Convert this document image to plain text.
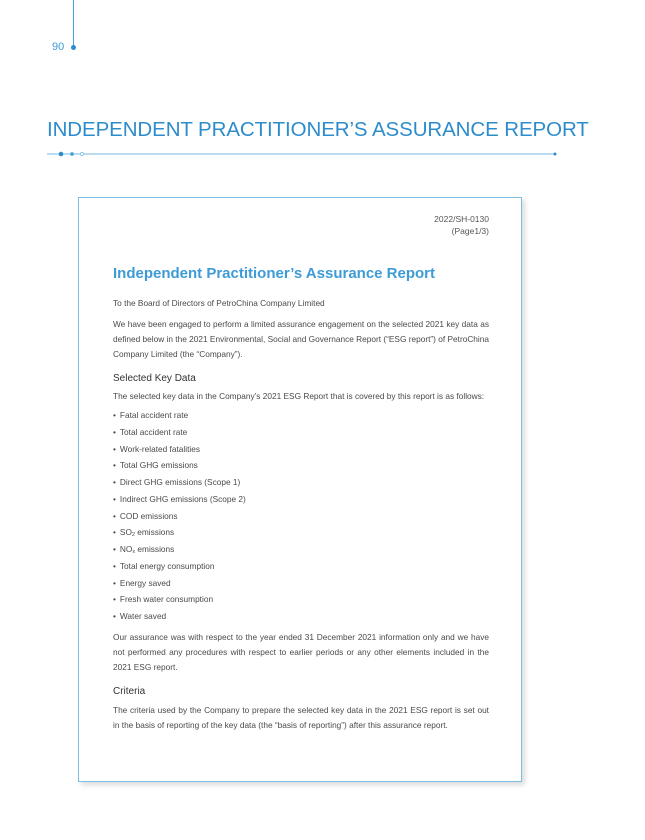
90
INDEPENDENT PRACTITIONER’S ASSURANCE REPORT
2022/SH-0130
(Page1/3)
Independent Practitioner’s Assurance Report

To the Board of Directors of PetroChina Company Limited

We have been engaged to perform a limited assurance engagement on the selected 2021 key data as defined below in the 2021 Environmental, Social and Governance Report (“ESG report”) of PetroChina Company Limited (the “Company”).

Selected Key Data

The selected key data in the Company’s 2021 ESG Report that is covered by this report is as follows:

• Fatal accident rate
• Total accident rate
• Work-related fatalities
• Total GHG emissions
• Direct GHG emissions (Scope 1)
• Indirect GHG emissions (Scope 2)
• COD emissions
• $SO_2$ emissions
• $NO_x$ emissions
• Total energy consumption
• Energy saved
• Fresh water consumption
• Water saved

Our assurance was with respect to the year ended 31 December 2021 information only and we have not performed any procedures with respect to earlier periods or any other elements included in the 2021 ESG report.

Criteria

The criteria used by the Company to prepare the selected key data in the 2021 ESG report is set out in the basis of reporting of the key data (the “basis of reporting”) after this assurance report.
